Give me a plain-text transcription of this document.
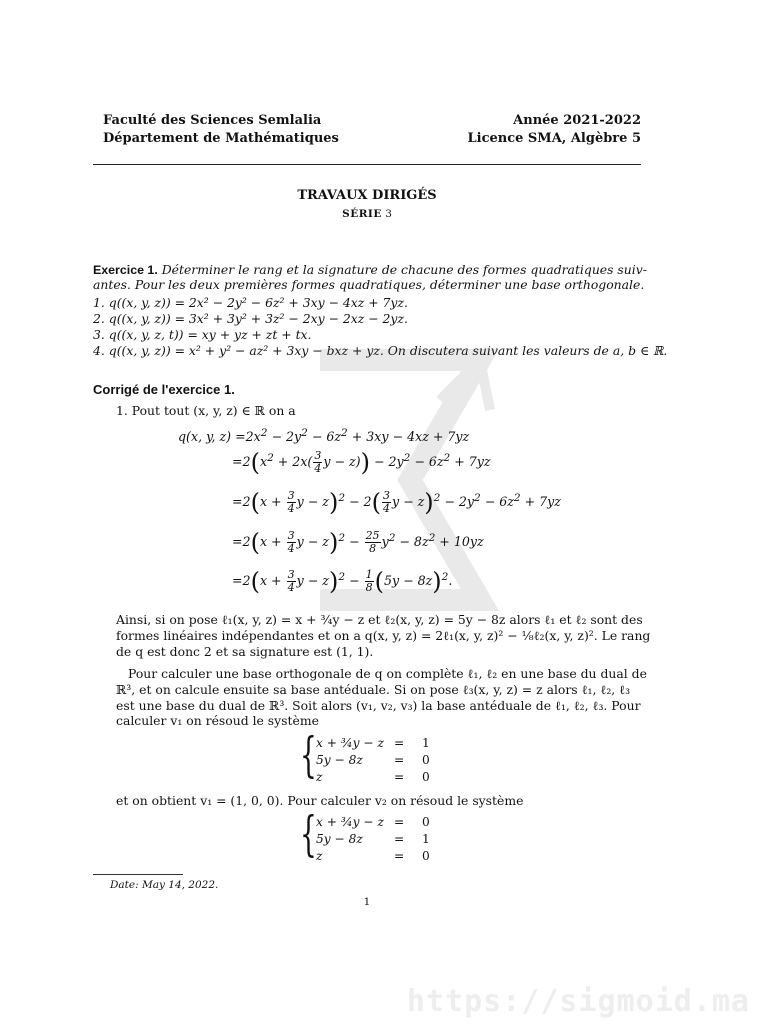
Faculté des Sciences Semlalia
Département de Mathématiques
Année 2021-2022
Licence SMA, Algèbre 5
TRAVAUX DIRIGÉS
SÉRIE 3
Exercice 1. Déterminer le rang et la signature de chacune des formes quadratiques suiv-
antes. Pour les deux premières formes quadratiques, déterminer une base orthogonale.
1. q((x, y, z)) = 2x² − 2y² − 6z² + 3xy − 4xz + 7yz.
2. q((x, y, z)) = 3x² + 3y² + 3z² − 2xy − 2xz − 2yz.
3. q((x, y, z, t)) = xy + yz + zt + tx.
4. q((x, y, z)) = x² + y² − az² + 3xy − bxz + yz. On discutera suivant les valeurs de a, b ∈ ℝ.
Corrigé de l'exercice 1.
1. Pout tout (x, y, z) ∈ ℝ on a
q(x, y, $z) =2x^2 - 2y^2 - 6z^2 + 3xy - 4xz + 7yz$
$=2(x^2 + 2x( \frac{3}{4}$ $y - z)) - 2y^2 - 6z^2 + 7yz$
$=2(x + \frac{3}{4}$ $y - z)^2 - 2( \frac{3}{4}$ $y - z)^2 - 2y^2 - 6z^2 + 7yz$
$=2(x + \frac{3}{4}$ $y - z)^2 - \frac{25}{8} y^2 - 8z^2 + 10yz$
$=2(x + \frac{3}{4}$ $y - z)^2 - \frac{1}{8} (5y - 8z)^2$.
Ainsi, si on pose ℓ₁(x, y, z) = x + ¾y − z et ℓ₂(x, y, z) = 5y − 8z alors ℓ₁ et ℓ₂ sont des
formes linéaires indépendantes et on a q(x, y, z) = 2ℓ₁(x, y, z)² − ⅛ℓ₂(x, y, z)². Le rang
de q est donc 2 et sa signature est (1, 1).
Pour calculer une base orthogonale de q on complète ℓ₁, ℓ₂ en une base du dual de
ℝ³, et on calcule ensuite sa base antéduale. Si on pose ℓ₃(x, y, z) = z alors ℓ₁, ℓ₂, ℓ₃
est une base du dual de ℝ³. Soit alors (v₁, v₂, v₃) la base antéduale de ℓ₁, ℓ₂, ℓ₃. Pour
calculer v₁ on résoud le système
{ x + ¾y − z = 1
5y − 8z	= 0
z	= 0
et on obtient v₁ = (1, 0, 0). Pour calculer v₂ on résoud le système
{ x + ¾y − z = 0
5y − 8z	= 1
z	= 0
Date: May 14, 2022.
1
https://sigmoid.ma
